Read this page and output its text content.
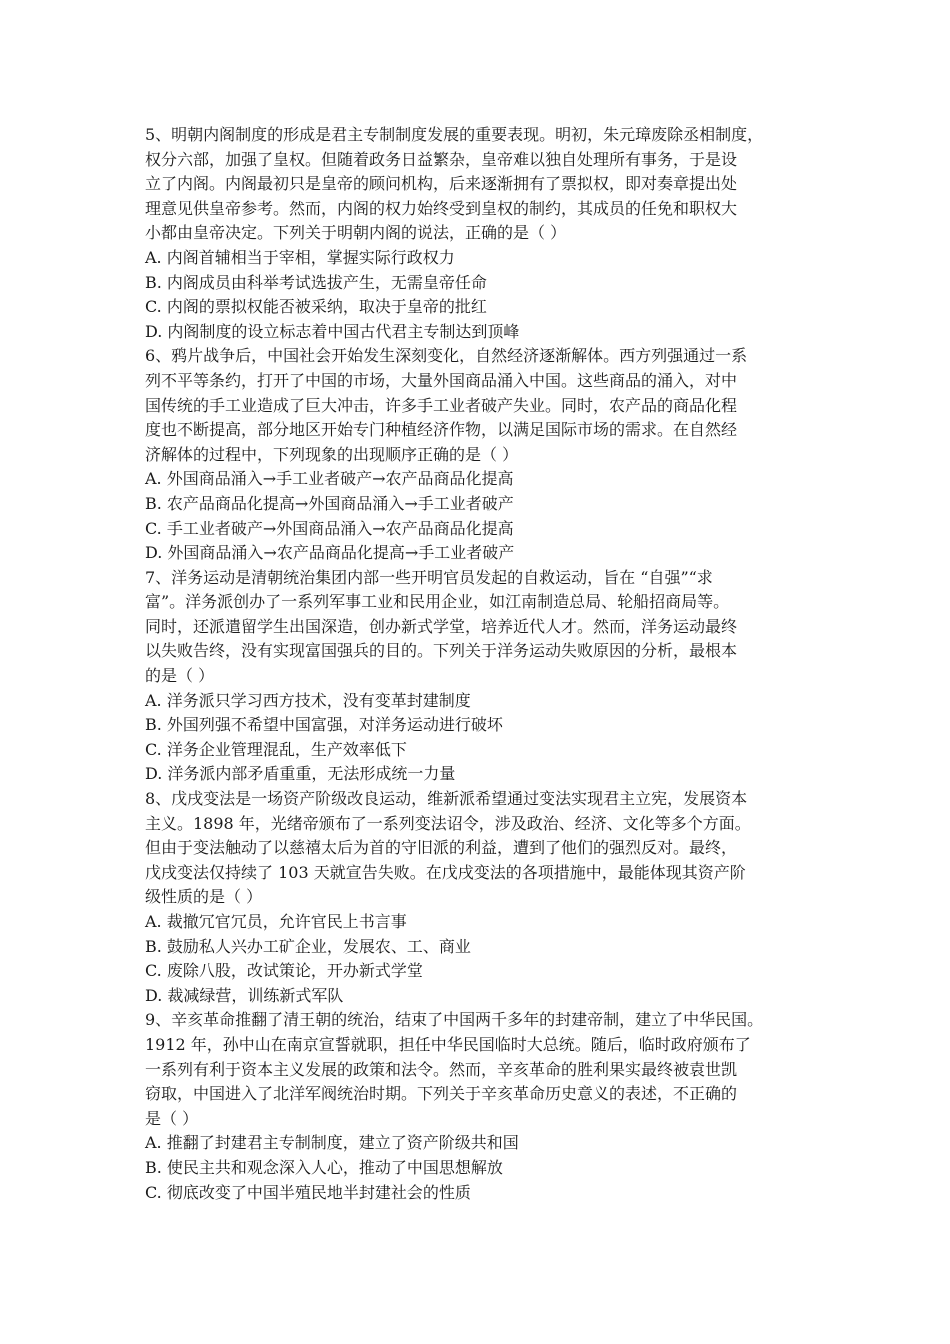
5、明朝内阁制度的形成是君主专制制度发展的重要表现。明初，朱元璋废除丞相制度，
权分六部，加强了皇权。但随着政务日益繁杂，皇帝难以独自处理所有事务，于是设
立了内阁。内阁最初只是皇帝的顾问机构，后来逐渐拥有了票拟权，即对奏章提出处
理意见供皇帝参考。然而，内阁的权力始终受到皇权的制约，其成员的任免和职权大
小都由皇帝决定。下列关于明朝内阁的说法，正确的是（ ）
A. 内阁首辅相当于宰相，掌握实际行政权力
B. 内阁成员由科举考试选拔产生，无需皇帝任命
C. 内阁的票拟权能否被采纳，取决于皇帝的批红
D. 内阁制度的设立标志着中国古代君主专制达到顶峰
6、鸦片战争后，中国社会开始发生深刻变化，自然经济逐渐解体。西方列强通过一系
列不平等条约，打开了中国的市场，大量外国商品涌入中国。这些商品的涌入，对中
国传统的手工业造成了巨大冲击，许多手工业者破产失业。同时，农产品的商品化程
度也不断提高，部分地区开始专门种植经济作物，以满足国际市场的需求。在自然经
济解体的过程中，下列现象的出现顺序正确的是（ ）
A. 外国商品涌入→手工业者破产→农产品商品化提高
B. 农产品商品化提高→外国商品涌入→手工业者破产
C. 手工业者破产→外国商品涌入→农产品商品化提高
D. 外国商品涌入→农产品商品化提高→手工业者破产
7、洋务运动是清朝统治集团内部一些开明官员发起的自救运动，旨在 “自强”“求
富”。洋务派创办了一系列军事工业和民用企业，如江南制造总局、轮船招商局等。
同时，还派遣留学生出国深造，创办新式学堂，培养近代人才。然而，洋务运动最终
以失败告终，没有实现富国强兵的目的。下列关于洋务运动失败原因的分析，最根本
的是（ ）
A. 洋务派只学习西方技术，没有变革封建制度
B. 外国列强不希望中国富强，对洋务运动进行破坏
C. 洋务企业管理混乱，生产效率低下
D. 洋务派内部矛盾重重，无法形成统一力量
8、戊戌变法是一场资产阶级改良运动，维新派希望通过变法实现君主立宪，发展资本
主义。1898 年，光绪帝颁布了一系列变法诏令，涉及政治、经济、文化等多个方面。
但由于变法触动了以慈禧太后为首的守旧派的利益，遭到了他们的强烈反对。最终，
戊戌变法仅持续了 103 天就宣告失败。在戊戌变法的各项措施中，最能体现其资产阶
级性质的是（ ）
A. 裁撤冗官冗员，允许官民上书言事
B. 鼓励私人兴办工矿企业，发展农、工、商业
C. 废除八股，改试策论，开办新式学堂
D. 裁减绿营，训练新式军队
9、辛亥革命推翻了清王朝的统治，结束了中国两千多年的封建帝制，建立了中华民国。
1912 年，孙中山在南京宣誓就职，担任中华民国临时大总统。随后，临时政府颁布了
一系列有利于资本主义发展的政策和法令。然而，辛亥革命的胜利果实最终被袁世凯
窃取，中国进入了北洋军阀统治时期。下列关于辛亥革命历史意义的表述，不正确的
是（ ）
A. 推翻了封建君主专制制度，建立了资产阶级共和国
B. 使民主共和观念深入人心，推动了中国思想解放
C. 彻底改变了中国半殖民地半封建社会的性质
